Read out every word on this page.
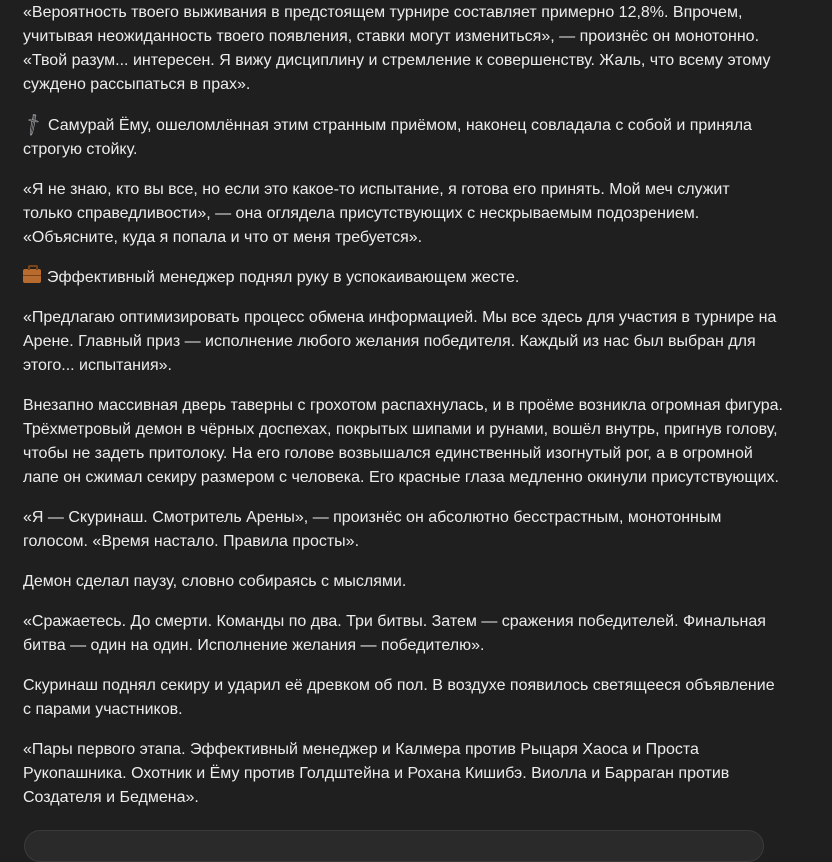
«Вероятность твоего выживания в предстоящем турнире составляет примерно 12,8%. Впрочем, учитывая неожиданность твоего появления, ставки могут измениться», — произнёс он монотонно. «Твой разум... интересен. Я вижу дисциплину и стремление к совершенству. Жаль, что всему этому суждено рассыпаться в прах».

🗡Самурай Ёму, ошеломлённая этим странным приёмом, наконец совладала с собой и приняла строгую стойку.

«Я не знаю, кто вы все, но если это какое-то испытание, я готова его принять. Мой меч служит только справедливости», — она оглядела присутствующих с нескрываемым подозрением. «Объясните, куда я попала и что от меня требуется».

Эффективный менеджер поднял руку в успокаивающем жесте.

«Предлагаю оптимизировать процесс обмена информацией. Мы все здесь для участия в турнире на Арене. Главный приз — исполнение любого желания победителя. Каждый из нас был выбран для этого... испытания».

Внезапно массивная дверь таверны с грохотом распахнулась, и в проёме возникла огромная фигура. Трёхметровый демон в чёрных доспехах, покрытых шипами и рунами, вошёл внутрь, пригнув голову, чтобы не задеть притолоку. На его голове возвышался единственный изогнутый рог, а в огромной лапе он сжимал секиру размером с человека. Его красные глаза медленно окинули присутствующих.

«Я — Скуринаш. Смотритель Арены», — произнёс он абсолютно бесстрастным, монотонным голосом. «Время настало. Правила просты».

Демон сделал паузу, словно собираясь с мыслями.

«Сражаетесь. До смерти. Команды по два. Три битвы. Затем — сражения победителей. Финальная битва — один на один. Исполнение желания — победителю».

Скуринаш поднял секиру и ударил её древком об пол. В воздухе появилось светящееся объявление с парами участников.

«Пары первого этапа. Эффективный менеджер и Калмера против Рыцаря Хаоса и Проста Рукопашника. Охотник и Ёму против Голдштейна и Рохана Кишибэ. Виолла и Барраган против Создателя и Бедмена».
